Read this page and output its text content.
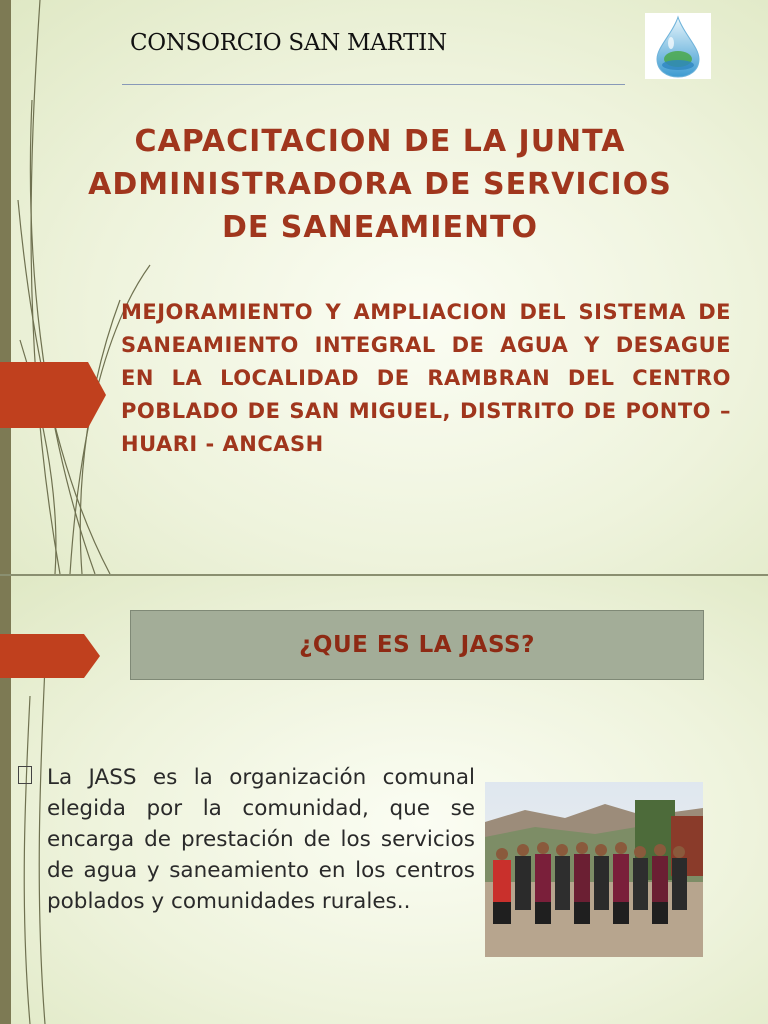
CONSORCIO SAN MARTIN
CAPACITACION DE LA JUNTA ADMINISTRADORA DE SERVICIOS DE SANEAMIENTO
MEJORAMIENTO Y AMPLIACION DEL SISTEMA DE SANEAMIENTO INTEGRAL DE AGUA Y DESAGUE EN LA LOCALIDAD DE RAMBRAN DEL CENTRO POBLADO DE SAN MIGUEL, DISTRITO DE PONTO – HUARI - ANCASH
¿QUE ES LA JASS?
La JASS es la organización comunal elegida por la comunidad, que se encarga de prestación de los servicios de agua y saneamiento en los centros poblados y comunidades rurales..
